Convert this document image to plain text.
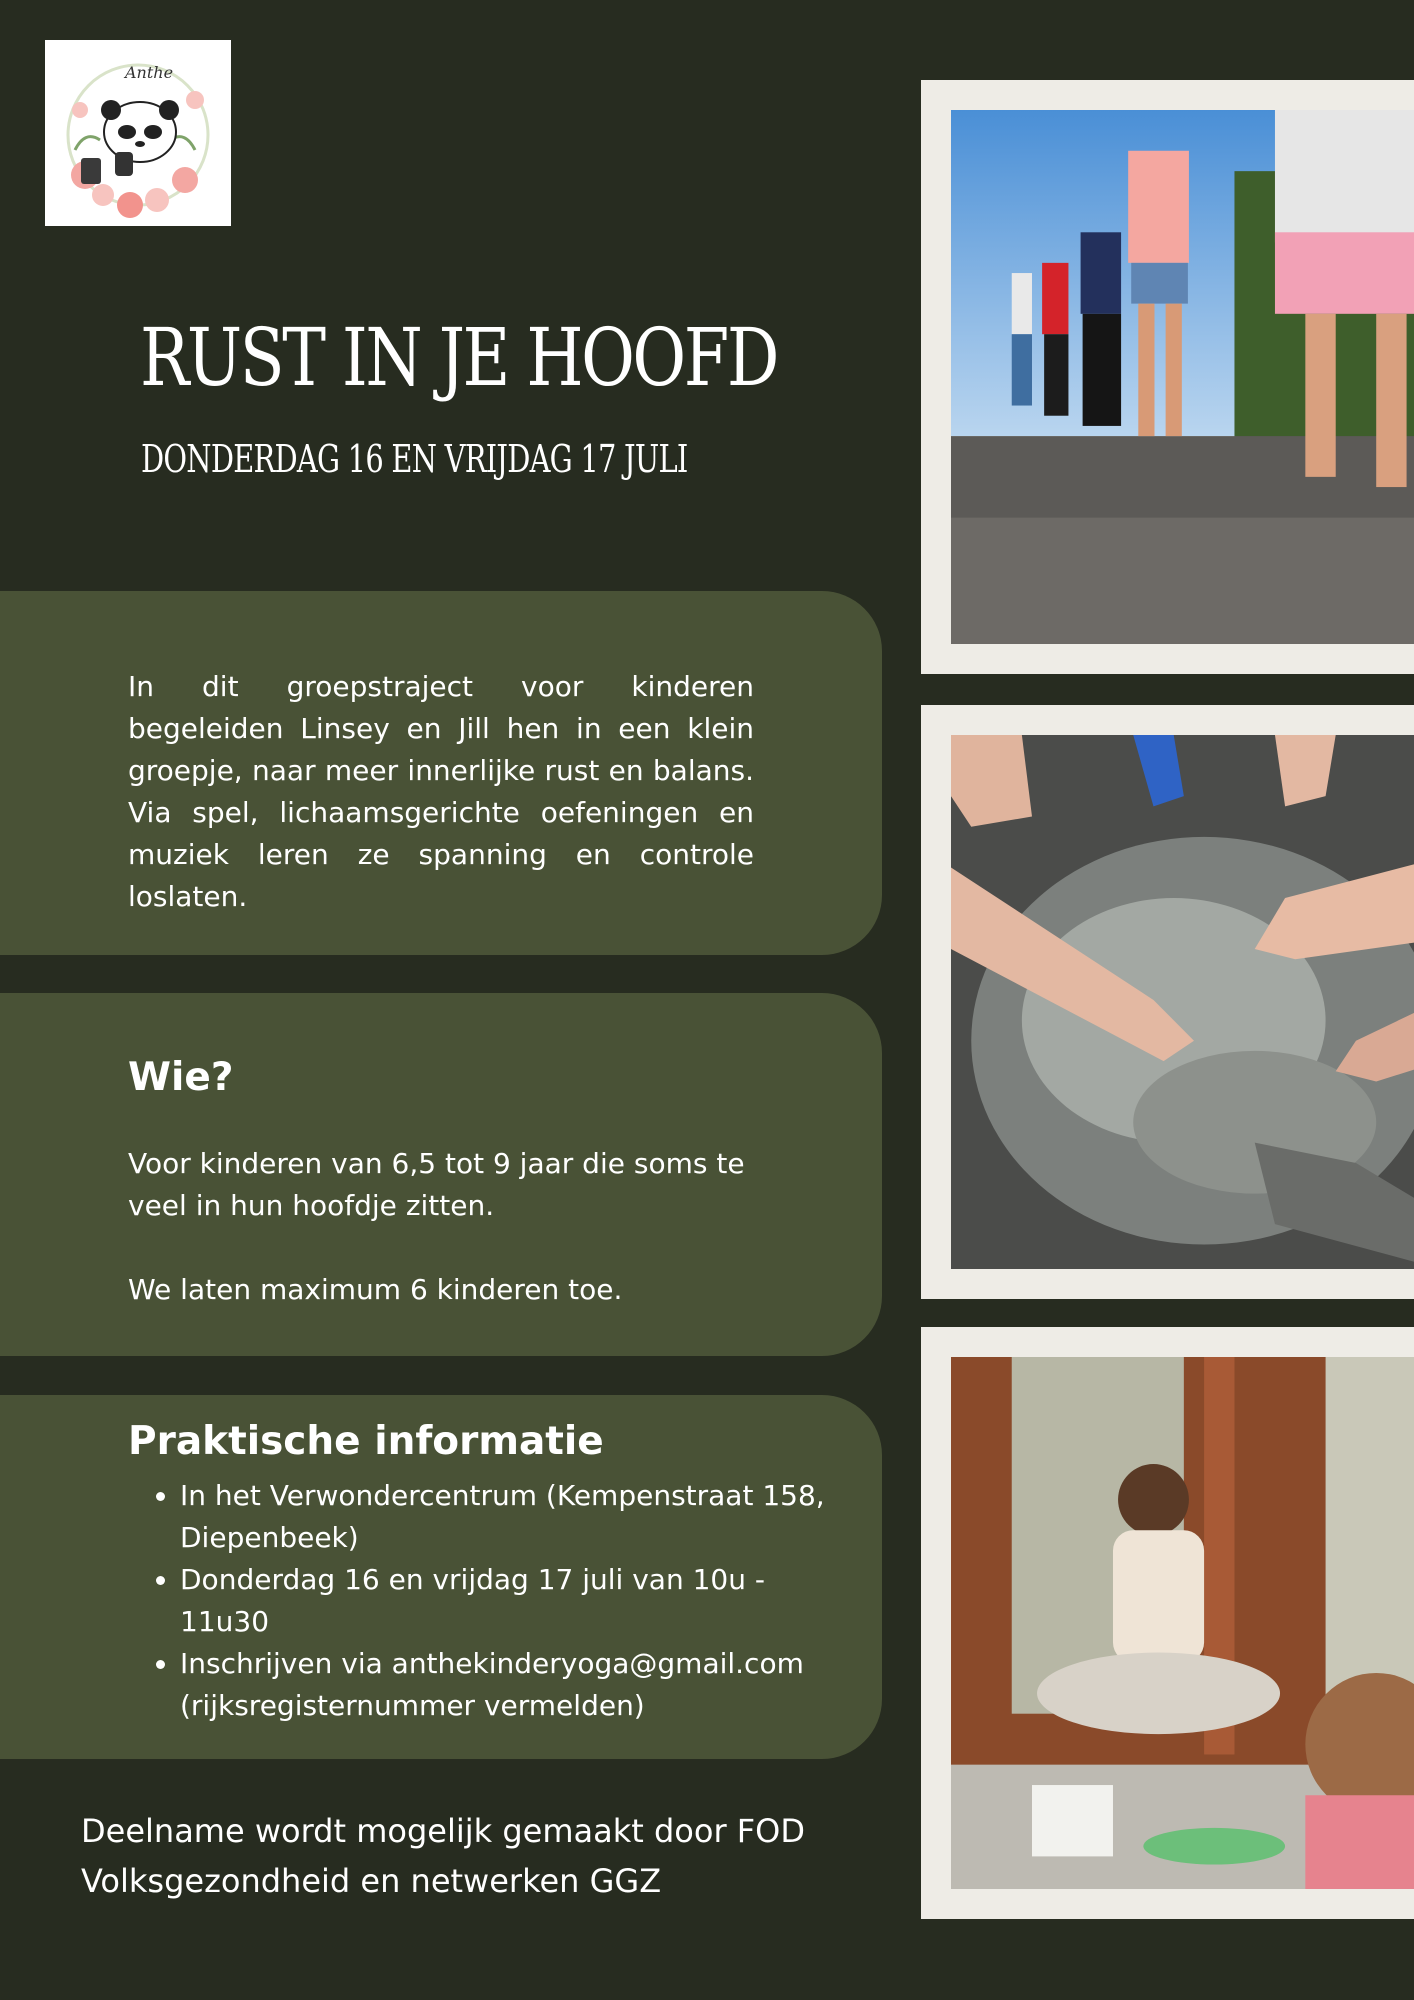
Anthe
RUST IN JE HOOFD
DONDERDAG 16 EN VRIJDAG 17 JULI

In dit groepstraject voor kinderen begeleiden Linsey en Jill hen in een klein groepje, naar meer innerlijke rust en balans. Via spel, lichaamsgerichte oefeningen en muziek leren ze spanning en controle loslaten.

Wie?

Voor kinderen van 6,5 tot 9 jaar die soms te veel in hun hoofdje zitten.

We laten maximum 6 kinderen toe.

Praktische informatie
• In het Verwondercentrum (Kempenstraat 158, Diepenbeek)
• Donderdag 16 en vrijdag 17 juli van 10u - 11u30
• Inschrijven via anthekinderyoga@gmail.com (rijksregisternummer vermelden)

Deelname wordt mogelijk gemaakt door FOD Volksgezondheid en netwerken GGZ
